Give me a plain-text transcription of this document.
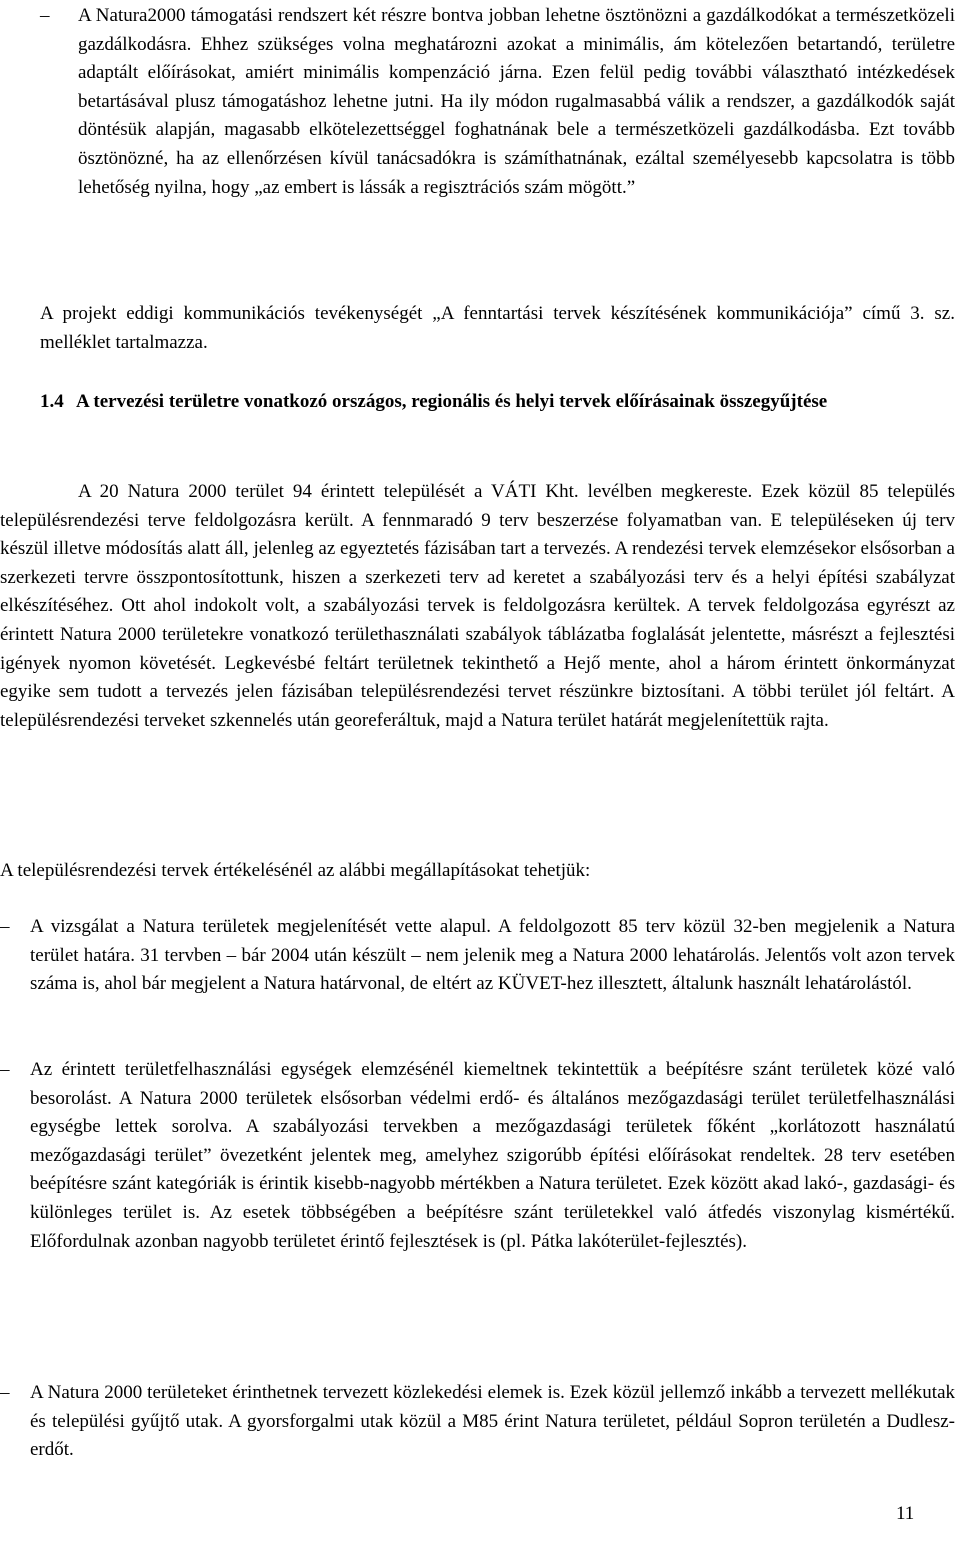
– A Natura2000 támogatási rendszert két részre bontva jobban lehetne ösztönözni a gazdálkodókat a természetközeli gazdálkodásra. Ehhez szükséges volna meghatározni azokat a minimális, ám kötelezően betartandó, területre adaptált előírásokat, amiért minimális kompenzáció járna. Ezen felül pedig további választható intézkedések betartásával plusz támogatáshoz lehetne jutni. Ha ily módon rugalmasabbá válik a rendszer, a gazdálkodók saját döntésük alapján, magasabb elkötelezettséggel foghatnának bele a természetközeli gazdálkodásba. Ezt tovább ösztönözné, ha az ellenőrzésen kívül tanácsadókra is számíthatnának, ezáltal személyesebb kapcsolatra is több lehetőség nyilna, hogy „az embert is lássák a regisztrációs szám mögött.”

A projekt eddigi kommunikációs tevékenységét „A fenntartási tervek készítésének kommunikációja” című 3. sz. melléklet tartalmazza.

1.4 A tervezési területre vonatkozó országos, regionális és helyi tervek előírásainak összegyűjtése

A 20 Natura 2000 terület 94 érintett települését a VÁTI Kht. levélben megkereste. Ezek közül 85 település településrendezési terve feldolgozásra került. A fennmaradó 9 terv beszerzése folyamatban van. E településeken új terv készül illetve módosítás alatt áll, jelenleg az egyeztetés fázisában tart a tervezés. A rendezési tervek elemzésekor elsősorban a szerkezeti tervre összpontosítottunk, hiszen a szerkezeti terv ad keretet a szabályozási terv és a helyi építési szabályzat elkészítéséhez. Ott ahol indokolt volt, a szabályozási tervek is feldolgozásra kerültek. A tervek feldolgozása egyrészt az érintett Natura 2000 területekre vonatkozó területhasználati szabályok táblázatba foglalását jelentette, másrészt a fejlesztési igények nyomon követését. Legkevésbé feltárt területnek tekinthető a Hejő mente, ahol a három érintett önkormányzat egyike sem tudott a tervezés jelen fázisában településrendezési tervet részünkre biztosítani. A többi terület jól feltárt. A településrendezési terveket szkennelés után georeferáltuk, majd a Natura terület határát megjelenítettük rajta.

A településrendezési tervek értékelésénél az alábbi megállapításokat tehetjük:

– A vizsgálat a Natura területek megjelenítését vette alapul. A feldolgozott 85 terv közül 32-ben megjelenik a Natura terület határa. 31 tervben – bár 2004 után készült – nem jelenik meg a Natura 2000 lehatárolás. Jelentős volt azon tervek száma is, ahol bár megjelent a Natura határvonal, de eltért az KÜVET-hez illesztett, általunk használt lehatárolástól.

– Az érintett területfelhasználási egységek elemzésénél kiemeltnek tekintettük a beépítésre szánt területek közé való besorolást. A Natura 2000 területek elsősorban védelmi erdő- és általános mezőgazdasági terület területfelhasználási egységbe lettek sorolva. A szabályozási tervekben a mezőgazdasági területek főként „korlátozott használatú mezőgazdasági terület” övezetként jelentek meg, amelyhez szigorúbb építési előírásokat rendeltek. 28 terv esetében beépítésre szánt kategóriák is érintik kisebb-nagyobb mértékben a Natura területet. Ezek között akad lakó-, gazdasági- és különleges terület is. Az esetek többségében a beépítésre szánt területekkel való átfedés viszonylag kismértékű. Előfordulnak azonban nagyobb területet érintő fejlesztések is (pl. Pátka lakóterület-fejlesztés).

– A Natura 2000 területeket érinthetnek tervezett közlekedési elemek is. Ezek közül jellemző inkább a tervezett mellékutak és települési gyűjtő utak. A gyorsforgalmi utak közül a M85 érint Natura területet, például Sopron területén a Dudlesz-erdőt.

11
